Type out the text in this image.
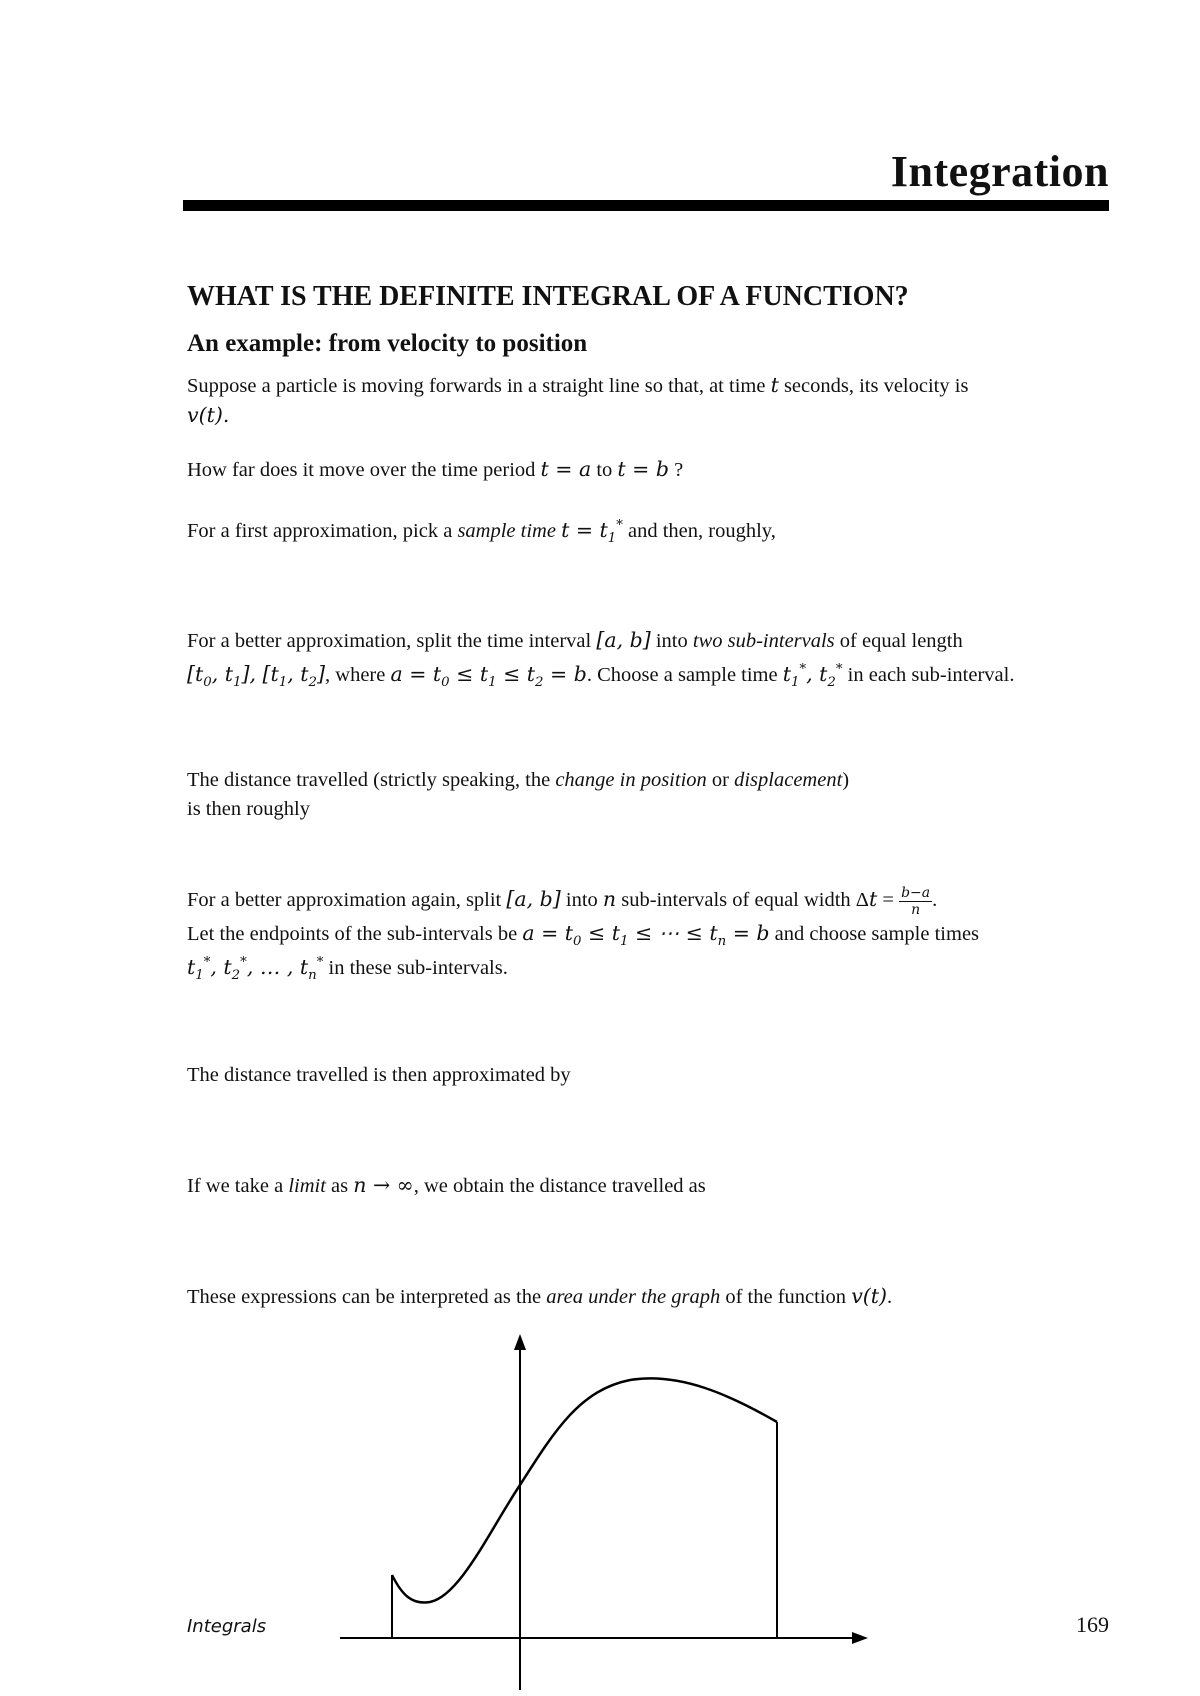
Integration
WHAT IS THE DEFINITE INTEGRAL OF A FUNCTION?
An example: from velocity to position
Suppose a particle is moving forwards in a straight line so that, at time t seconds, its velocity is
v(t).
How far does it move over the time period t = a to t = b ?
For a first approximation, pick a sample time $t = t_1^*$ and then, roughly,
For a better approximation, split the time interval [a, b] into two sub-intervals of equal length
[$t_0$, $t_1$], [$t_1$, $t_2$], where $a = t_0 \le t_1 \le t_2 = b$. Choose a sample time $t_1^*$, $t_2^*$ in each sub-interval.
The distance travelled (strictly speaking, the change in position or displacement)
is then roughly
For a better approximation again, split [a, b] into n sub-intervals of equal width $\Delta t = \frac{b-a}{n}$ .
Let the endpoints of the sub-intervals be $a = t_0 \le t_1$ ≤ ⋯ ≤ $t_n = b$ and choose sample times
$t_1^*$, $t_2^*$, … , $t_n^*$ in these sub-intervals.
The distance travelled is then approximated by
If we take a limit as n → ∞, we obtain the distance travelled as
These expressions can be interpreted as the area under the graph of the function v(t).
Integrals	169
